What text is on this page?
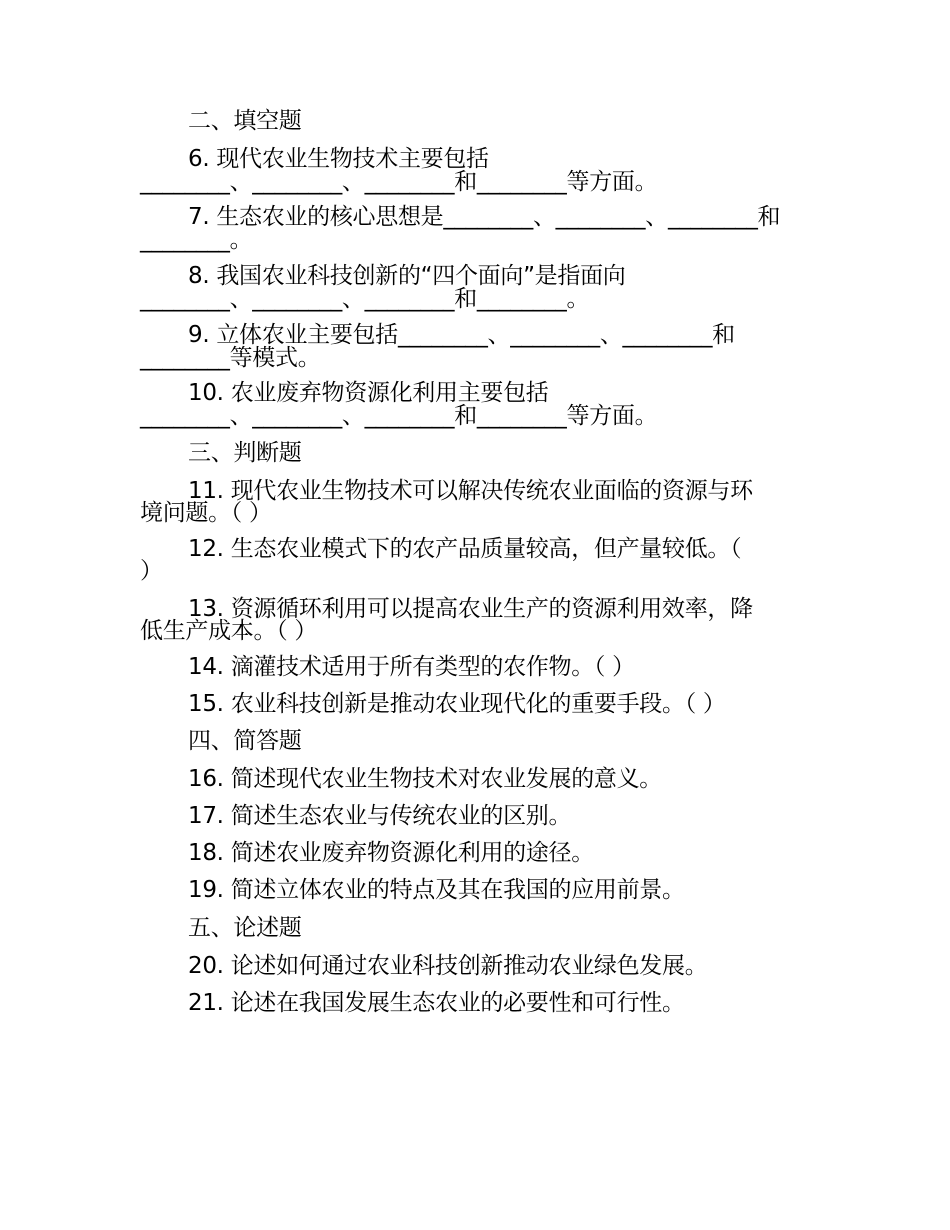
二、填空题
6. 现代农业生物技术主要包括
________、________、________和________等方面。
7. 生态农业的核心思想是________、________、________和
________。
8. 我国农业科技创新的“四个面向”是指面向
________、________、________和________。
9. 立体农业主要包括________、________、________和
________等模式。
10. 农业废弃物资源化利用主要包括
________、________、________和________等方面。
三、判断题
11. 现代农业生物技术可以解决传统农业面临的资源与环
境问题。（ ）
12. 生态农业模式下的农产品质量较高，但产量较低。（
）
13. 资源循环利用可以提高农业生产的资源利用效率，降
低生产成本。（ ）
14. 滴灌技术适用于所有类型的农作物。（ ）
15. 农业科技创新是推动农业现代化的重要手段。（ ）
四、简答题
16. 简述现代农业生物技术对农业发展的意义。
17. 简述生态农业与传统农业的区别。
18. 简述农业废弃物资源化利用的途径。
19. 简述立体农业的特点及其在我国的应用前景。
五、论述题
20. 论述如何通过农业科技创新推动农业绿色发展。
21. 论述在我国发展生态农业的必要性和可行性。
